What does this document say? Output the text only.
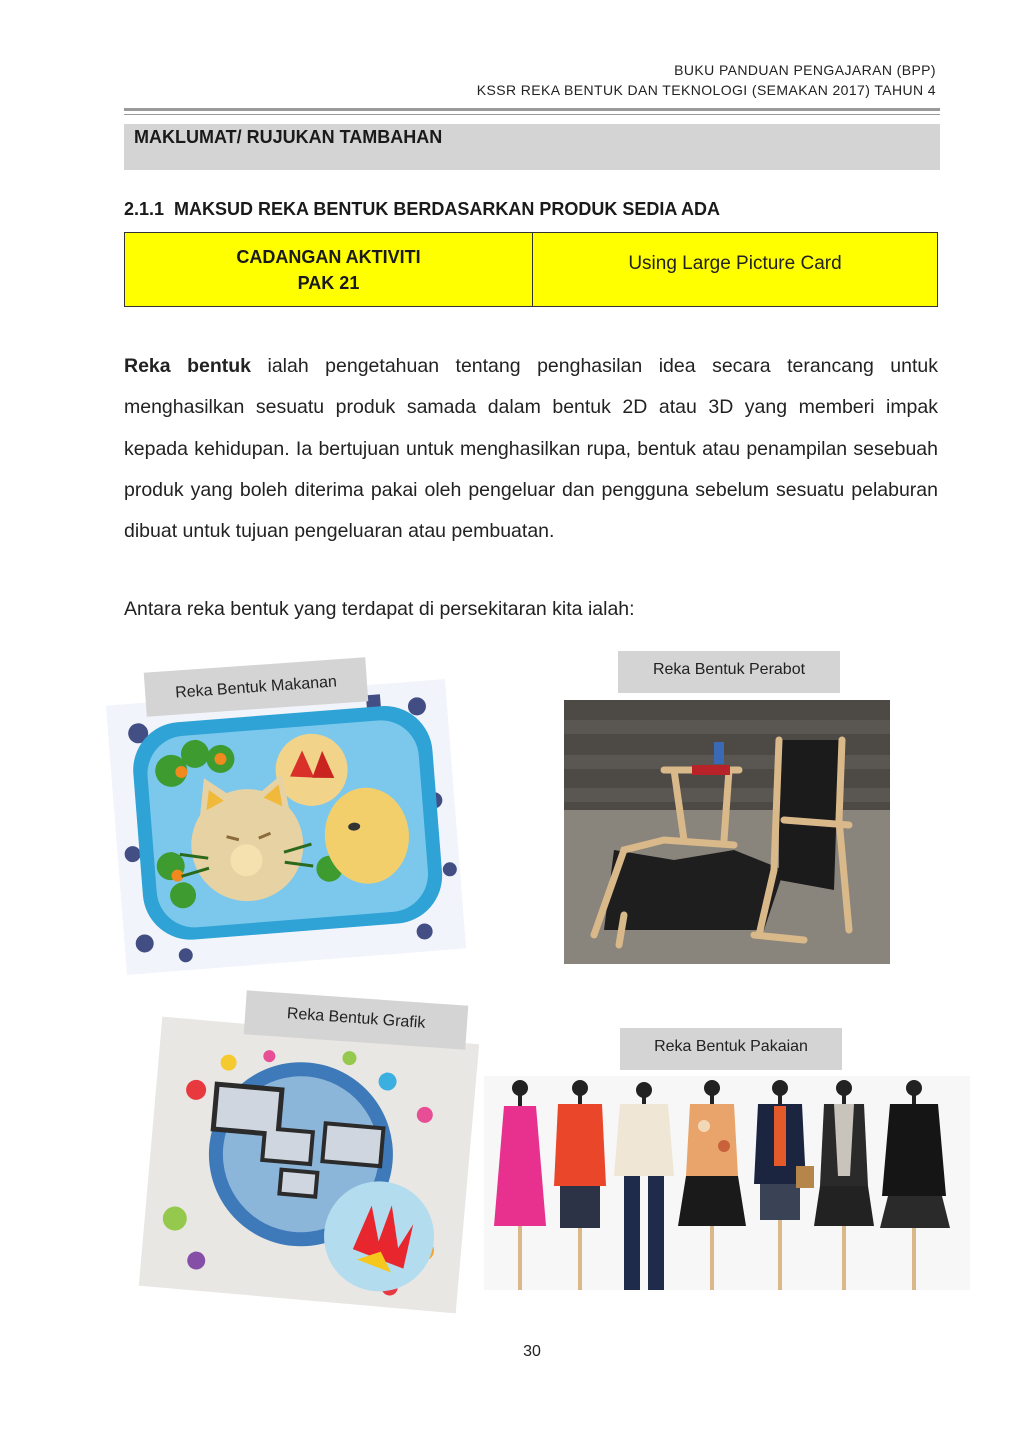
BUKU PANDUAN PENGAJARAN (BPP)
KSSR REKA BENTUK DAN TEKNOLOGI (SEMAKAN 2017) TAHUN 4
MAKLUMAT/ RUJUKAN TAMBAHAN
2.1.1  MAKSUD REKA BENTUK BERDASARKAN PRODUK SEDIA ADA
CADANGAN AKTIVITI
PAK 21
Using Large Picture Card

Reka bentuk ialah pengetahuan tentang penghasilan idea secara terancang untuk menghasilkan sesuatu produk samada dalam bentuk 2D atau 3D yang memberi impak kepada kehidupan. Ia bertujuan untuk menghasilkan rupa, bentuk atau penampilan sesebuah produk yang boleh diterima pakai oleh pengeluar dan pengguna sebelum sesuatu pelaburan dibuat untuk tujuan pengeluaran atau pembuatan.

Antara reka bentuk yang terdapat di persekitaran kita ialah:
Reka Bentuk Makanan
Reka Bentuk Perabot
Reka Bentuk Grafik
Reka Bentuk Pakaian
30
